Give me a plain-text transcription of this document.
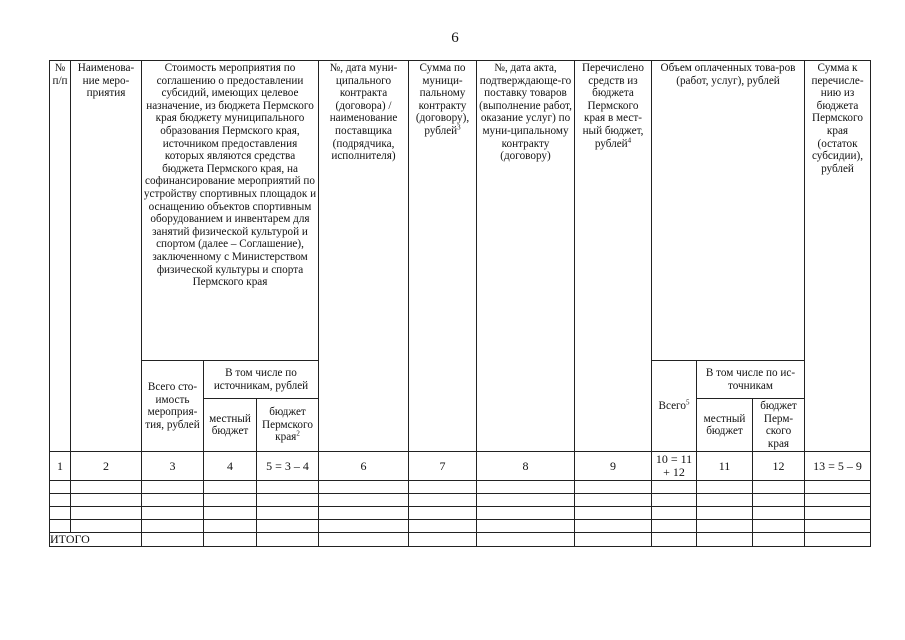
6
№ п/п	Наименова-ние меро-приятия	Стоимость мероприятия по соглашению о предоставлении субсидий, имеющих целевое назначение, из бюджета Пермского края бюджету муниципального образования Пермского края, источником предоставления которых являются средства бюджета Пермского края, на софинансирование мероприятий по устройству спортивных площадок и оснащению объектов спортивным оборудованием и инвентарем для занятий физической культурой и спортом (далее – Соглашение), заключенному с Министерством физической культуры и спорта Пермского края			№, дата муни-ципального контракта (договора) / наименование поставщика (подрядчика, исполнителя)	Сумма по муници-пальному контракту (договору), рублей$^3$	№, дата акта, подтверждающе-го поставку товаров (выполнение работ, оказание услуг) по муни-ципальному контракту (договору)	Перечислено средств из бюджета Пермского края в мест-ный бюджет, рублей$^4$	Объем оплаченных това-ров (работ, услуг), рублей			Сумма к перечисле-нию из бюджета Пермского края (остаток субсидии), рублей
		Всего сто-имость мероприя-тия, рублей	В том числе по источникам, рублей						Всего$^5$	В том числе по ис-точникам		
			местный бюджет	бюджет Пермского края$^2$						местный бюджет	бюджет Перм-ского края	
1	2	3	4	5 = 3 – 4	6	7	8	9	10 = 11 + 12	11	12	13 = 5 – 9

ИТОГО												
